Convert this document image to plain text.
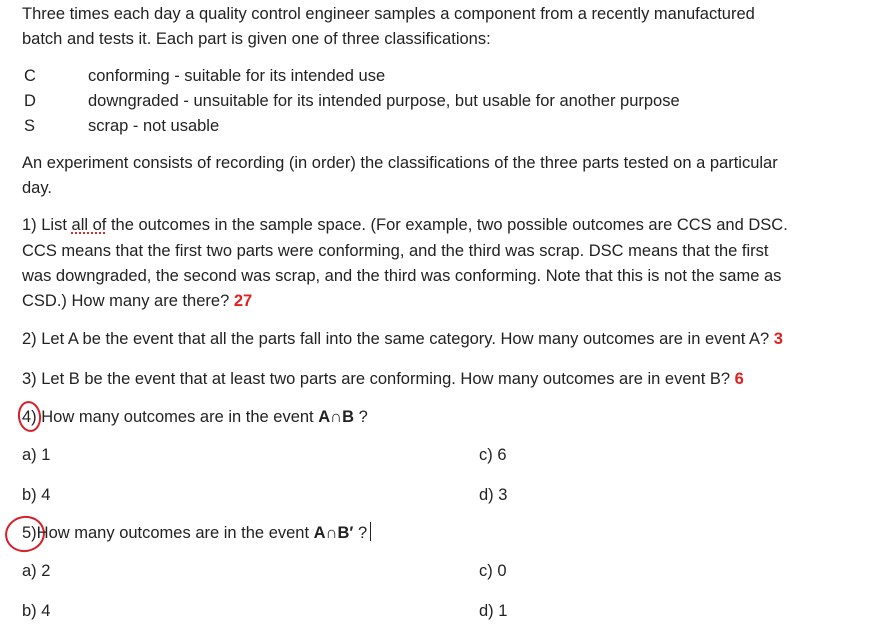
Three times each day a quality control engineer samples a component from a recently manufactured
batch and tests it. Each part is given one of three classifications:
C	conforming - suitable for its intended use
D	downgraded - unsuitable for its intended purpose, but usable for another purpose
S	scrap - not usable
An experiment consists of recording (in order) the classifications of the three parts tested on a particular
day.
1) List all of the outcomes in the sample space. (For example, two possible outcomes are CCS and DSC.
CCS means that the first two parts were conforming, and the third was scrap. DSC means that the first
was downgraded, the second was scrap, and the third was conforming. Note that this is not the same as
CSD.) How many are there? 27
2) Let A be the event that all the parts fall into the same category. How many outcomes are in event A? 3
3) Let B be the event that at least two parts are conforming. How many outcomes are in event B? 6
4) How many outcomes are in the event A∩B ?
a) 1	c) 6
b) 4	d) 3
5)How many outcomes are in the event A∩B′ ?
a) 2	c) 0
b) 4	d) 1
